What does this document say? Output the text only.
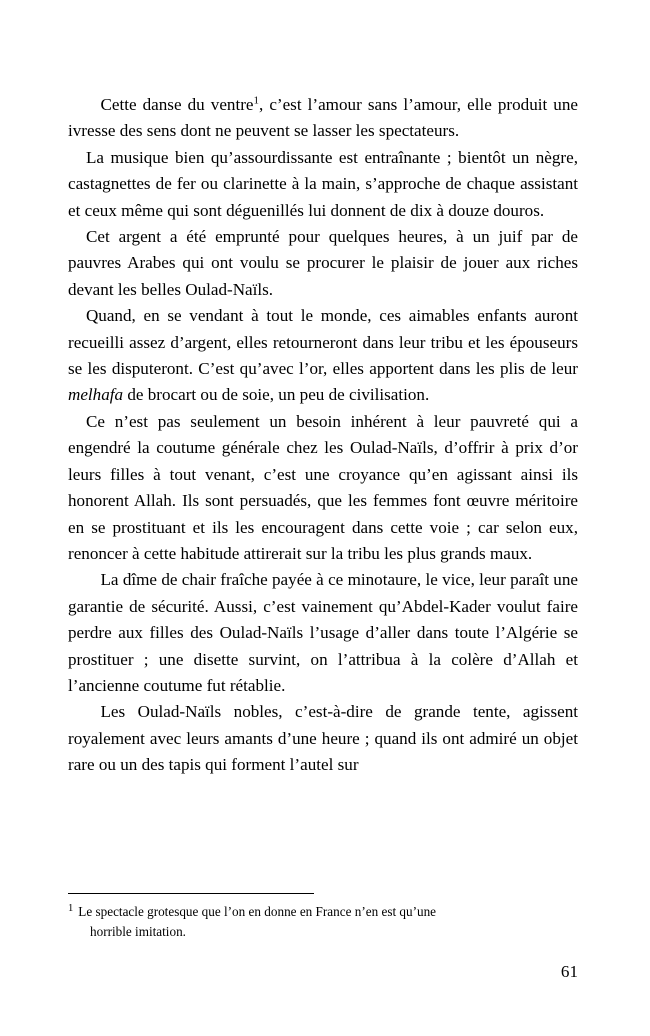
Cette danse du ventre$^1$, c’est l’amour sans l’amour, elle produit une ivresse des sens dont ne peuvent se lasser les spectateurs.

La musique bien qu’assourdissante est entraînante ; bientôt un nègre, castagnettes de fer ou clarinette à la main, s’approche de chaque assistant et ceux même qui sont déguenillés lui donnent de dix à douze douros.

Cet argent a été emprunté pour quelques heures, à un juif par de pauvres Arabes qui ont voulu se procurer le plaisir de jouer aux riches devant les belles Oulad-Naïls.

Quand, en se vendant à tout le monde, ces aimables enfants auront recueilli assez d’argent, elles retourneront dans leur tribu et les épouseurs se les disputeront. C’est qu’avec l’or, elles apportent dans les plis de leur melhafa de brocart ou de soie, un peu de civilisation.

Ce n’est pas seulement un besoin inhérent à leur pauvreté qui a engendré la coutume générale chez les Oulad-Naïls, d’offrir à prix d’or leurs filles à tout venant, c’est une croyance qu’en agissant ainsi ils honorent Allah. Ils sont persuadés, que les femmes font œuvre méritoire en se prostituant et ils les encouragent dans cette voie ; car selon eux, renoncer à cette habitude attirerait sur la tribu les plus grands maux.

La dîme de chair fraîche payée à ce minotaure, le vice, leur paraît une garantie de sécurité. Aussi, c’est vainement qu’Abdel-Kader voulut faire perdre aux filles des Oulad-Naïls l’usage d’aller dans toute l’Algérie se prostituer ; une disette survint, on l’attribua à la colère d’Allah et l’ancienne coutume fut rétablie.

Les Oulad-Naïls nobles, c’est-à-dire de grande tente, agissent royalement avec leurs amants d’une heure ; quand ils ont admiré un objet rare ou un des tapis qui forment l’autel sur

$^1$ Le spectacle grotesque que l’on en donne en France n’en est qu’une
horrible imitation.
61
